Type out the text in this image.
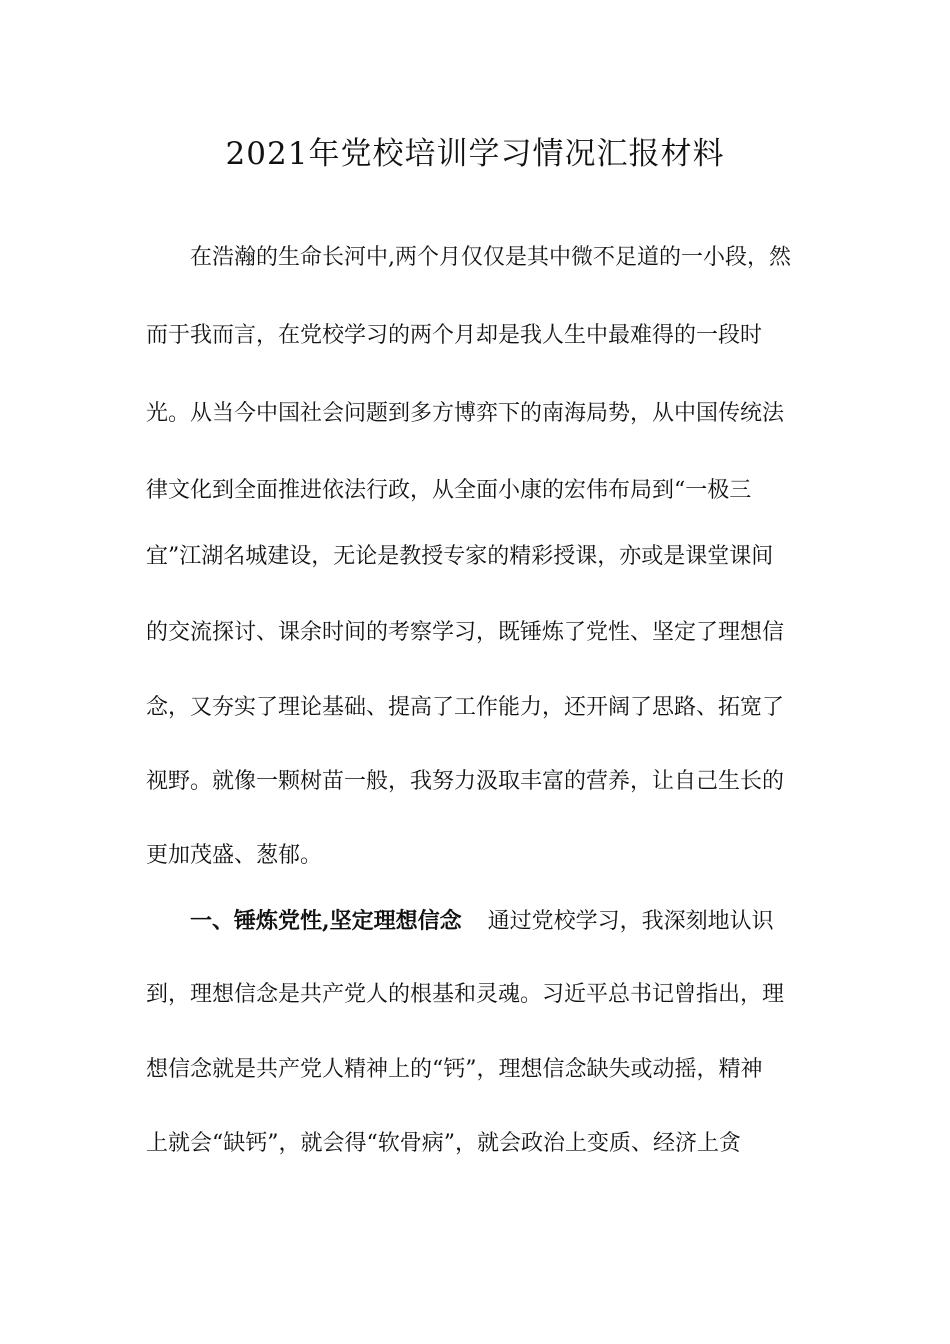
2021年党校培训学习情况汇报材料
在浩瀚的生命长河中,两个月仅仅是其中微不足道的一小段，然
而于我而言，在党校学习的两个月却是我人生中最难得的一段时
光。从当今中国社会问题到多方博弈下的南海局势，从中国传统法
律文化到全面推进依法行政，从全面小康的宏伟布局到“一极三
宜”江湖名城建设，无论是教授专家的精彩授课，亦或是课堂课间
的交流探讨、课余时间的考察学习，既锤炼了党性、坚定了理想信
念，又夯实了理论基础、提高了工作能力，还开阔了思路、拓宽了
视野。就像一颗树苗一般，我努力汲取丰富的营养，让自己生长的
更加茂盛、葱郁。
一、锤炼党性,坚定理想信念 通过党校学习，我深刻地认识
到，理想信念是共产党人的根基和灵魂。习近平总书记曾指出，理
想信念就是共产党人精神上的“钙”，理想信念缺失或动摇，精神
上就会“缺钙”，就会得“软骨病”，就会政治上变质、经济上贪
